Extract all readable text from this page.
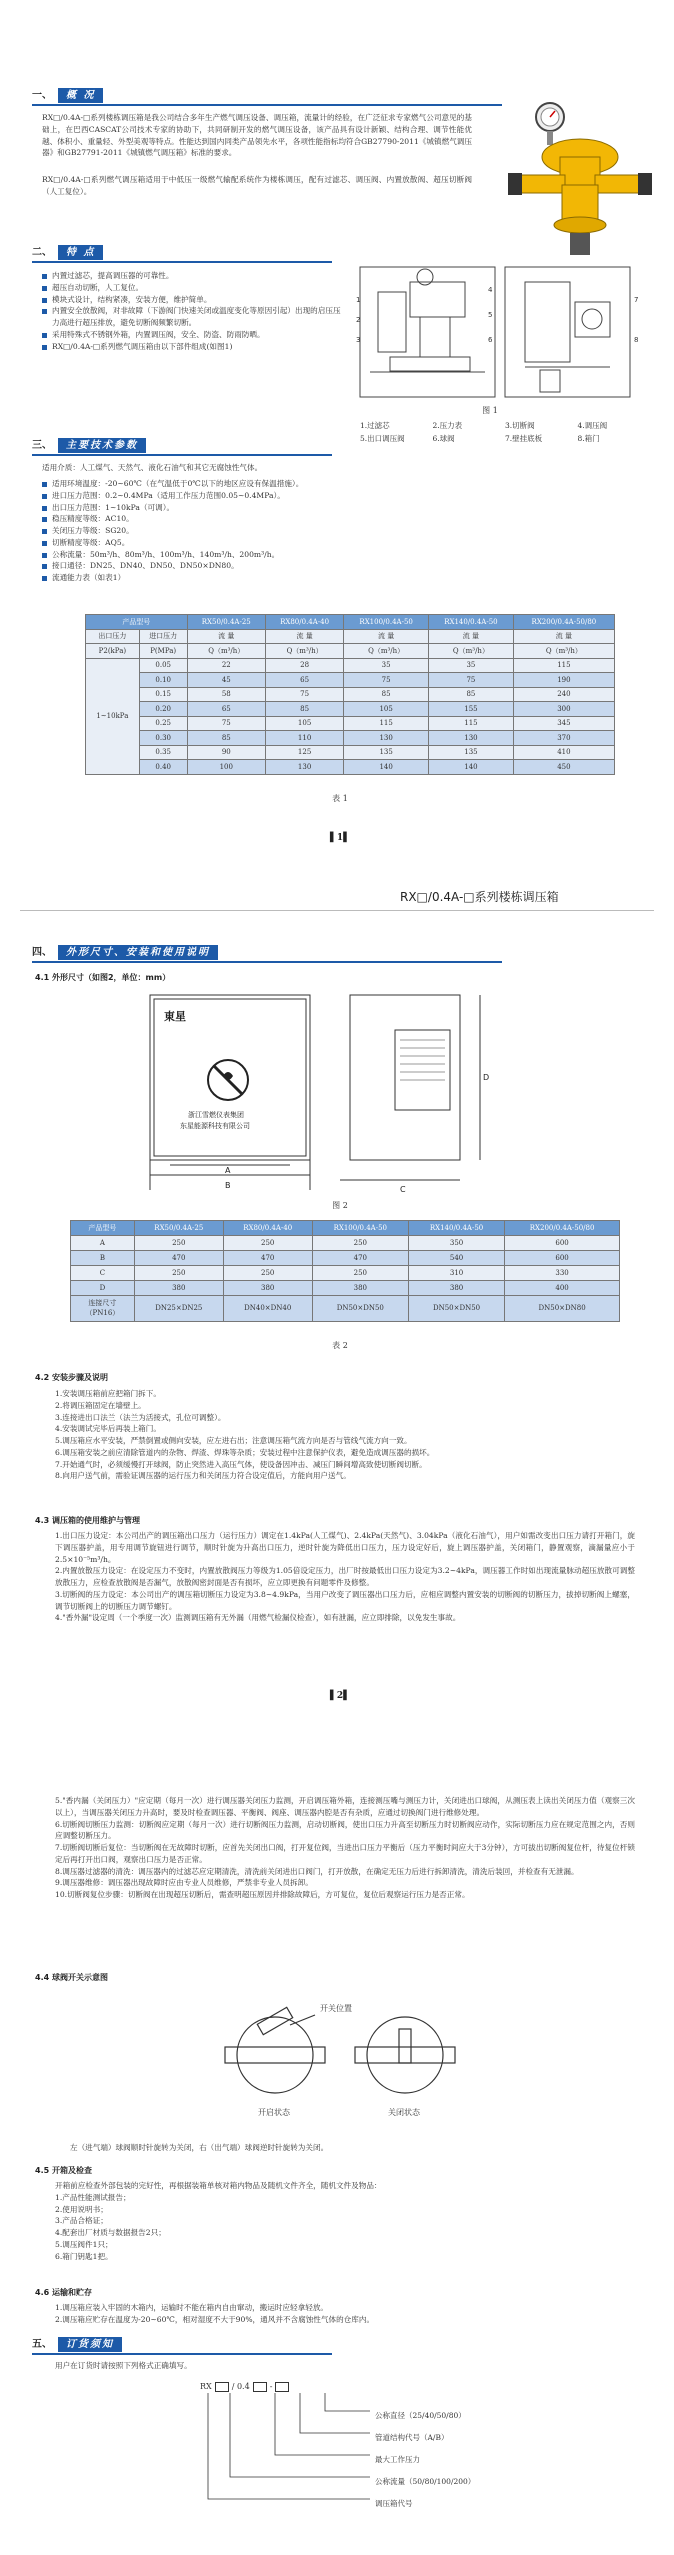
一、	概 况
RX□/0.4A-□系列楼栋调压箱是我公司结合多年生产燃气调压设备、调压箱，流量计的经验，在广泛征求专家燃气公司意见的基础上，在巴西CASCAT公司技术专家的协助下，共同研制开发的燃气调压设备，该产品具有设计新颖、结构合理、调节性能优越、体积小、重量轻、外型美观等特点。性能达到国内同类产品领先水平，各项性能指标均符合GB27790-2011《城镇燃气调压器》和GB27791-2011《城镇燃气调压箱》标准的要求。
RX□/0.4A-□系列燃气调压箱适用于中低压一级燃气输配系统作为楼栋调压，配有过滤芯、调压阀、内置放散阀、超压切断阀（人工复位）。
二、	特 点
内置过滤芯，提高调压器的可靠性。
超压自动切断，人工复位。
模块式设计，结构紧凑，安装方便，维护简单。
内置安全放散阀，对非故障（下游阀门快速关闭或温度变化等原因引起）出现的启压压力高进行超压排放，避免切断阀频繁切断。
采用特殊式不锈钢外箱，内置调压阀，安全、防盗、防雨防晒。
RX□/0.4A-□系列燃气调压箱由以下部件组成(如图1)
1
2
3
4
5
6
7
8
图 1
1.过滤芯	2.压力表	3.切断阀	4.调压阀
5.出口调压阀	6.球阀	7.壁挂底板	8.箱门
三、	主要技术参数
适用介质：人工煤气、天然气、液化石油气和其它无腐蚀性气体。
适用环境温度：-20~60℃（在气温低于0℃以下的地区应设有保温措施）。
进口压力范围：0.2~0.4MPa（适用工作压力范围0.05~0.4MPa）。
出口压力范围：1~10kPa（可调）。
稳压精度等级：AC10。
关闭压力等级：SG20。
切断精度等级：AQ5。
公称流量：50m³/h、80m³/h、100m³/h、140m³/h、200m³/h。
接口通径：DN25、DN40、DN50、DN50×DN80。
流通能力表（如表1）
产品型号		RX50/0.4A-25	RX80/0.4A-40	RX100/0.4A-50	RX140/0.4A-50	RX200/0.4A-50/80
出口压力	进口压力	流 量	流 量	流 量	流 量	流 量
P2(kPa)	P(MPa)	Q（m³/h）	Q（m³/h）	Q（m³/h）	Q（m³/h）	Q（m³/h）
1~10kPa	0.05	22	28	35	35	115
	0.10	45	65	75	75	190
	0.15	58	75	85	85	240
	0.20	65	85	105	155	300
	0.25	75	105	115	115	345
	0.30	85	110	130	130	370
	0.35	90	125	135	135	410
	0.40	100	130	140	140	450
表 1
▌1▌
RX□/0.4A-□系列楼栋调压箱
四、	外形尺寸、安装和使用说明
4.1 外形尺寸（如图2，单位：mm）
東星
浙江雪燃仪表集团
东星能源科技有限公司
A
B	C
D
图 2
产品型号	RX50/0.4A-25	RX80/0.4A-40	RX100/0.4A-50	RX140/0.4A-50	RX200/0.4A-50/80
A	250	250	250	350	600
B	470	470	470	540	600
C	250	250	250	310	330
D	380	380	380	380	400
连接尺寸
（PN16）	DN25×DN25	DN40×DN40	DN50×DN50	DN50×DN50	DN50×DN80
表 2
4.2 安装步骤及说明
1.安装调压箱前应把箱门拆下。
2.将调压箱固定在墙壁上。
3.连接进出口法兰（法兰为活接式，孔位可调整）。
4.安装调试完毕后再装上箱门。
5.调压箱应水平安装，严禁倒置或侧向安装，应左进右出；注意调压箱气流方向是否与管线气流方向一致。
6.调压箱安装之前应清除管道内的杂物、焊渣、焊珠等杂质；安装过程中注意保护仪表，避免造成调压器的损坏。
7.开始通气时，必须缓慢打开球阀，防止突然进入高压气体，使设备因冲击、减压门瞬间增高致使切断阀切断。
8.向用户送气前，需验证调压器的运行压力和关闭压力符合设定值后，方能向用户送气。
4.3 调压箱的使用维护与管理
1.出口压力设定：本公司出产的调压箱出口压力（运行压力）调定在1.4kPa(人工煤气)、2.4kPa(天然气)、3.04kPa（液化石油气），用户如需改变出口压力请打开箱门，旋下调压器护盖，用专用调节旋钮进行调节，顺时针旋为升高出口压力，逆时针旋为降低出口压力，压力设定好后，旋上调压器护盖，关闭箱门，静置观察，滴漏量应小于2.5×10⁻⁵m³/h。
2.内置放散压力设定：在设定压力不变时，内置放散阀压力等级为1.05倍设定压力，出厂时按最低出口压力设定为3.2~4kPa，调压器工作时如出现流量脉动超压放散可调整放散压力，应检查放散阀是否漏气，放散阀密封面是否有损坏，应立即更换有问题零件及修整。
3.切断阀的压力设定：本公司出产的调压箱切断压力设定为3.8~4.9kPa，当用户改变了调压器出口压力后，应相应调整内置安装的切断阀的切断压力，拔掉切断阀上螺塞，调节切断阀上的切断压力调节螺钉。
4."香外漏"设定周（一个季度一次）监测调压箱有无外漏（用燃气检漏仪检查），如有泄漏，应立即排除，以免发生事故。
▌2▌
5."香内漏（关闭压力）"应定期（每月一次）进行调压器关闭压力监测，开启调压箱外箱，连接测压嘴与测压力计，关闭进出口球阀，从测压表上读出关闭压力值（观察三次以上），当调压器关闭压力升高时，要及时检查调压器、平衡阀、阀座、调压器内腔是否有杂质，应通过切换阀门进行维修处理。
6.切断阀切断压力监测：切断阀应定期（每月一次）进行切断阀压力监测，启动切断阀，使出口压力升高至切断压力时切断阀应动作，实际切断压力应在规定范围之内，否则应调整切断压力。
7.切断阀切断后复位：当切断阀在无故障时切断，应首先关闭出口阀，打开复位阀，当进出口压力平衡后（压力平衡时间应大于3分钟），方可拔出切断阀复位杆，待复位杆锁定后再打开出口阀，观察出口压力是否正常。
8.调压器过滤器的清洗：调压器内的过滤芯应定期清洗，清洗前关闭进出口阀门，打开放散，在确定无压力后进行拆卸清洗，清洗后装回，并检查有无泄漏。
9.调压器维修：调压器出现故障时应由专业人员维修，严禁非专业人员拆卸。
10.切断阀复位步骤：切断阀在出现超压切断后，需查明超压原因并排除故障后，方可复位，复位后观察运行压力是否正常。
4.4 球阀开关示意图
开关位置
开启状态	关闭状态
左（进气端）球阀顺时针旋转为关闭，右（出气端）球阀逆时针旋转为关闭。
4.5 开箱及检查
开箱前应检查外部包装的完好性，再根据装箱单核对箱内物品及随机文件齐全，随机文件及物品：
1.产品性能测试报告；
2.使用说明书；
3.产品合格证；
4.配套出厂材质与数据报告2只；
5.调压阀件1只；
6.箱门钥匙1把。
4.6 运输和贮存
1.调压箱应装入牢固的木箱内，运输时不能在箱内自由窜动，搬运时应轻拿轻放。
2.调压箱应贮存在温度为-20~60℃，相对湿度不大于90%，通风并不含腐蚀性气体的仓库内。
五、	订货须知
用户在订货时请按照下列格式正确填写。
RX	/ 0.4	-
公称直径（25/40/50/80）
管道结构代号（A/B）
最大工作压力
公称流量（50/80/100/200）
调压箱代号
